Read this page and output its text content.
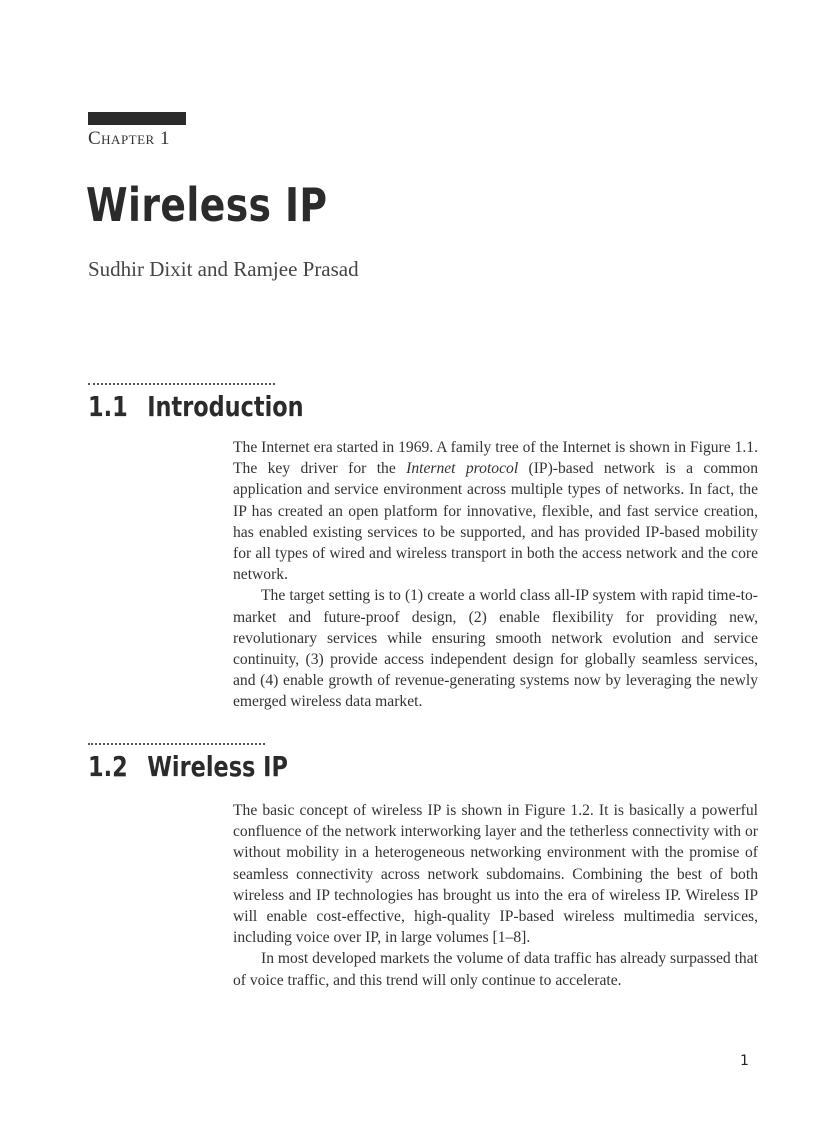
Chapter 1
Wireless IP
Sudhir Dixit and Ramjee Prasad
1.1 Introduction

The Internet era started in 1969. A family tree of the Internet is shown in Figure 1.1. The key driver for the Internet protocol (IP)-based network is a common application and service environment across multiple types of networks. In fact, the IP has created an open platform for innovative, flexible, and fast service creation, has enabled existing services to be supported, and has provided IP-based mobility for all types of wired and wireless transport in both the access network and the core network.

The target setting is to (1) create a world class all-IP system with rapid time-to-market and future-proof design, (2) enable flexibility for providing new, revolutionary services while ensuring smooth network evolution and service continuity, (3) provide access independent design for globally seamless services, and (4) enable growth of revenue-generating systems now by leveraging the newly emerged wireless data market.

1.2 Wireless IP

The basic concept of wireless IP is shown in Figure 1.2. It is basically a powerful confluence of the network interworking layer and the tetherless connectivity with or without mobility in a heterogeneous networking environment with the promise of seamless connectivity across network subdomains. Combining the best of both wireless and IP technologies has brought us into the era of wireless IP. Wireless IP will enable cost-effective, high-quality IP-based wireless multimedia services, including voice over IP, in large volumes [1–8].

In most developed markets the volume of data traffic has already surpassed that of voice traffic, and this trend will only continue to accelerate.

1
